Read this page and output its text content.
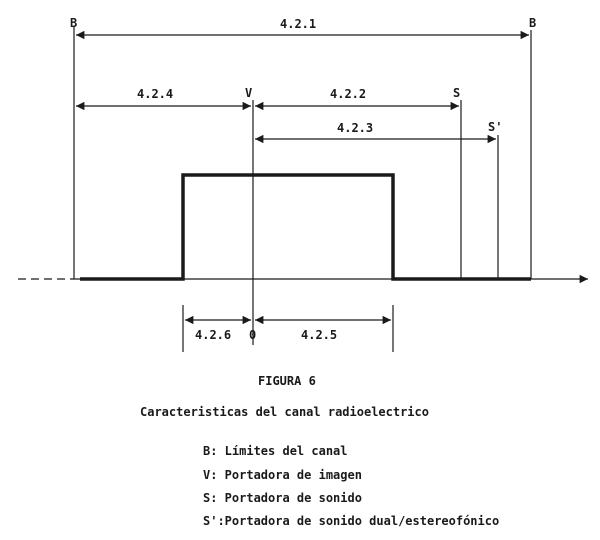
B	B
V	S
S'
0
4.2.1
4.2.4	4.2.2
4.2.3
4.2.6	4.2.5
FIGURA 6
Caracteristicas del canal radioelectrico
B: Límites del canal
V: Portadora de imagen
S: Portadora de sonido
S':Portadora de sonido dual/estereofónico
